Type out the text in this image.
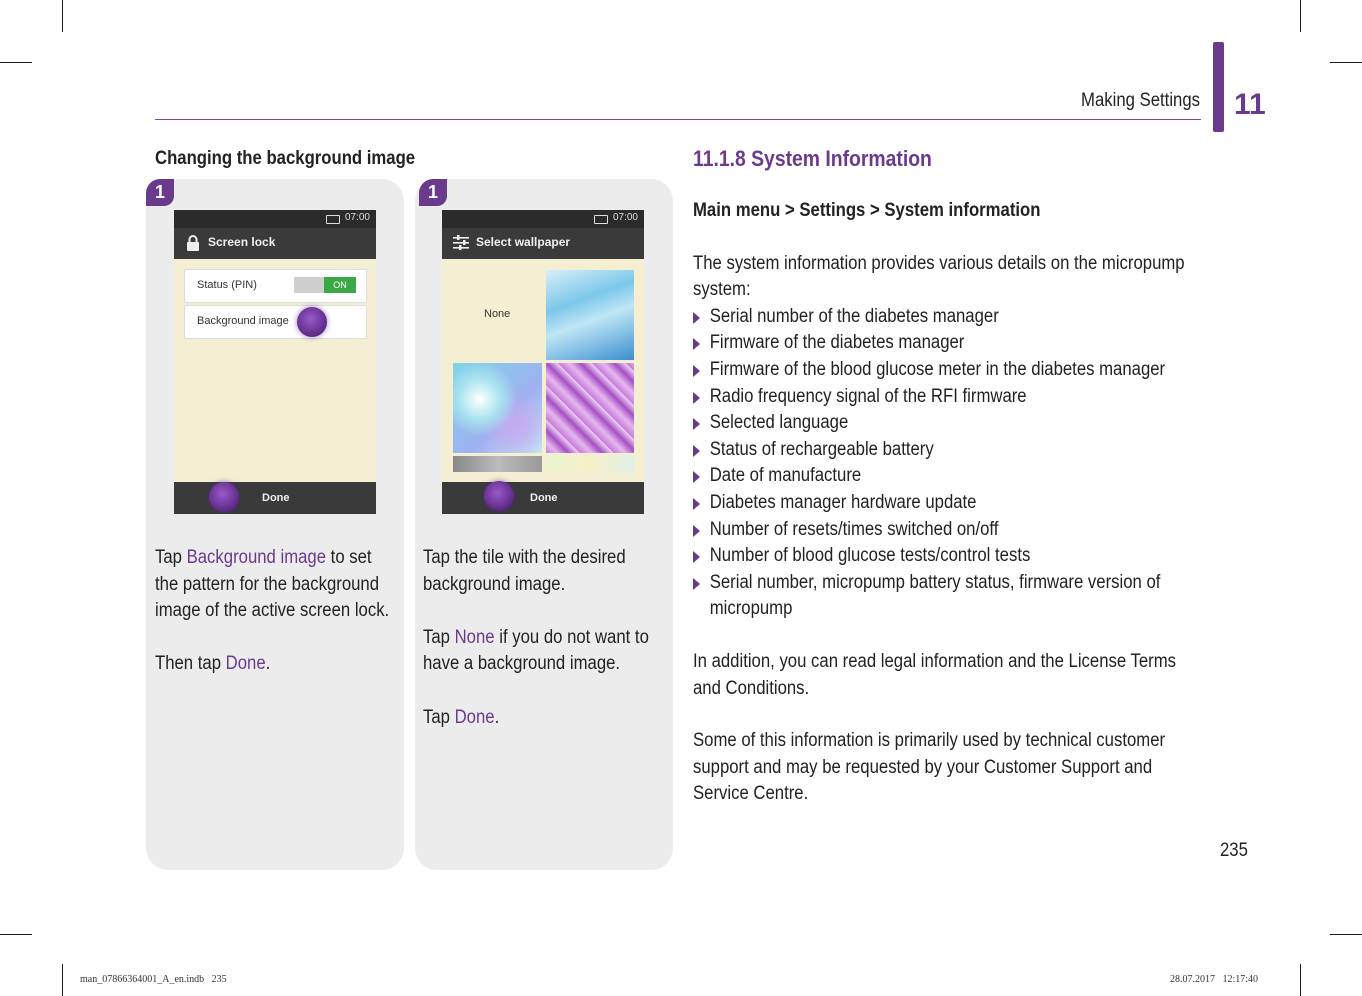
Making Settings 11
Changing the background image
1
07:00
Screen lock
Status (PIN)	ON
Background image
Done

Tap Background image to set the pattern for the background image of the active screen lock.

Then tap Done.

1
07:00
Select wallpaper
None
Done

Tap the tile with the desired background image.

Tap None if you do not want to have a background image.

Tap Done.

11.1.8 System Information

Main menu > Settings > System information

The system information provides various details on the micropump system:

Serial number of the diabetes manager
Firmware of the diabetes manager
Firmware of the blood glucose meter in the diabetes manager
Radio frequency signal of the RFI firmware
Selected language
Status of rechargeable battery
Date of manufacture
Diabetes manager hardware update
Number of resets/times switched on/off
Number of blood glucose tests/control tests
Serial number, micropump battery status, firmware version of micropump

In addition, you can read legal information and the License Terms and Conditions.

Some of this information is primarily used by technical customer support and may be requested by your Customer Support and Service Centre.

235
man_07866364001_A_en.indb   235	28.07.2017   12:17:40
